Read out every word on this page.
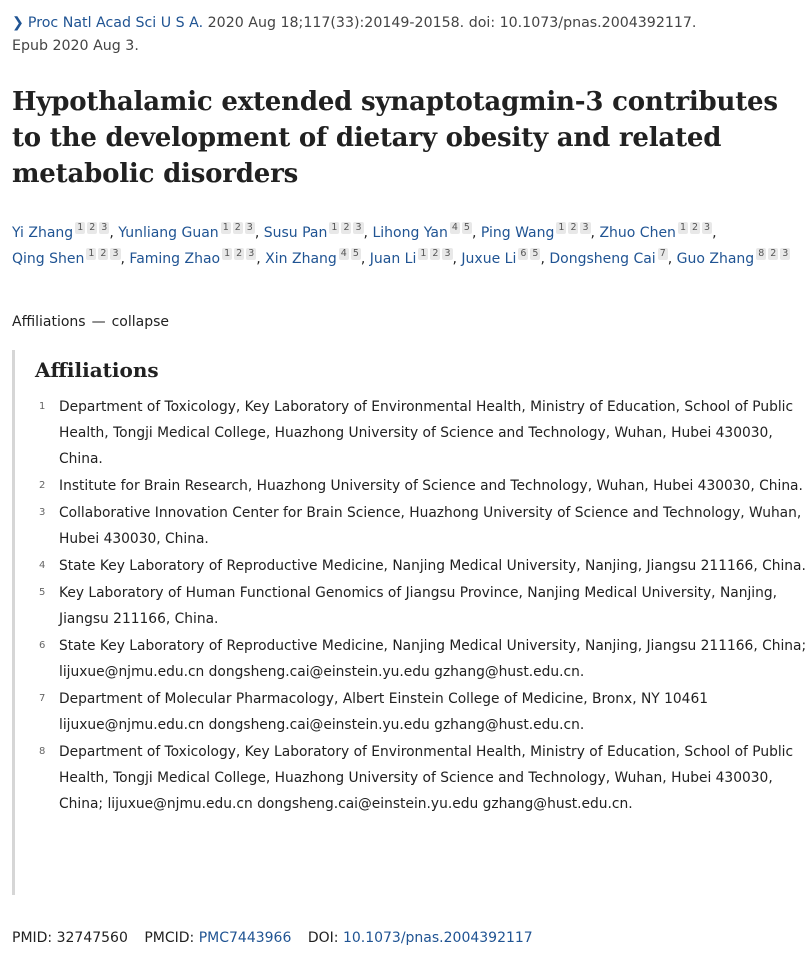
❯ Proc Natl Acad Sci U S A. 2020 Aug 18;117(33):20149-20158. doi: 10.1073/pnas.2004392117.
Epub 2020 Aug 3.
Hypothalamic extended synaptotagmin-3 contributes to the development of dietary obesity and related metabolic disorders
Yi Zhang 1 2 3 , Yunliang Guan 1 2 3 , Susu Pan 1 2 3 , Lihong Yan 4 5 , Ping Wang 1 2 3 , Zhuo Chen 1 2 3 , Qing Shen 1 2 3 , Faming Zhao 1 2 3 , Xin Zhang 4 5 , Juan Li 1 2 3 , Juxue Li 6 5 , Dongsheng Cai 7 , Guo Zhang 8 2 3
Affiliations — collapse
Affiliations
1 Department of Toxicology, Key Laboratory of Environmental Health, Ministry of Education, School of Public Health, Tongji Medical College, Huazhong University of Science and Technology, Wuhan, Hubei 430030, China.
2 Institute for Brain Research, Huazhong University of Science and Technology, Wuhan, Hubei 430030, China.
3 Collaborative Innovation Center for Brain Science, Huazhong University of Science and Technology, Wuhan, Hubei 430030, China.
4 State Key Laboratory of Reproductive Medicine, Nanjing Medical University, Nanjing, Jiangsu 211166, China.
5 Key Laboratory of Human Functional Genomics of Jiangsu Province, Nanjing Medical University, Nanjing, Jiangsu 211166, China.
6 State Key Laboratory of Reproductive Medicine, Nanjing Medical University, Nanjing, Jiangsu 211166, China; lijuxue@njmu.edu.cn dongsheng.cai@einstein.yu.edu gzhang@hust.edu.cn.
7 Department of Molecular Pharmacology, Albert Einstein College of Medicine, Bronx, NY 10461 lijuxue@njmu.edu.cn dongsheng.cai@einstein.yu.edu gzhang@hust.edu.cn.
8 Department of Toxicology, Key Laboratory of Environmental Health, Ministry of Education, School of Public Health, Tongji Medical College, Huazhong University of Science and Technology, Wuhan, Hubei 430030, China; lijuxue@njmu.edu.cn dongsheng.cai@einstein.yu.edu gzhang@hust.edu.cn.
PMID: 32747560 PMCID: PMC7443966 DOI: 10.1073/pnas.2004392117
